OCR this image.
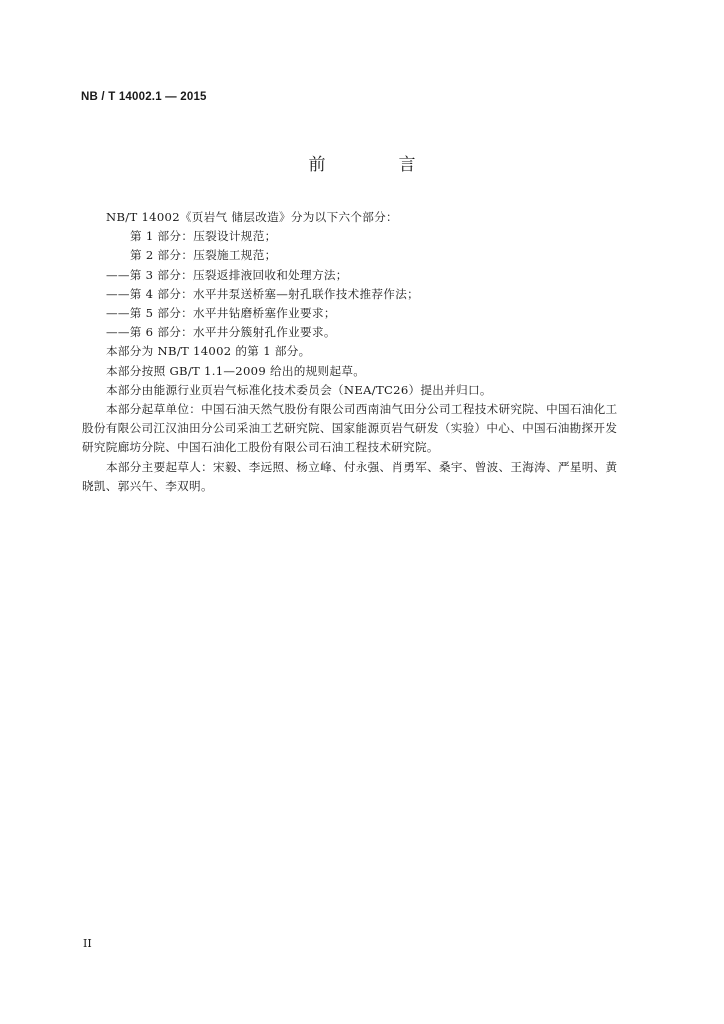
NB / T 14002.1 — 2015
前　言
NB/T 14002《页岩气 储层改造》分为以下六个部分：
第 1 部分：压裂设计规范；
第 2 部分：压裂施工规范；
——第 3 部分：压裂返排液回收和处理方法；
——第 4 部分：水平井泵送桥塞—射孔联作技术推荐作法；
——第 5 部分：水平井钻磨桥塞作业要求；
——第 6 部分：水平井分簇射孔作业要求。
本部分为 NB/T 14002 的第 1 部分。
本部分按照 GB/T 1.1—2009 给出的规则起草。
本部分由能源行业页岩气标准化技术委员会（NEA/TC26）提出并归口。
本部分起草单位：中国石油天然气股份有限公司西南油气田分公司工程技术研究院、中国石油化工
股份有限公司江汉油田分公司采油工艺研究院、国家能源页岩气研发（实验）中心、中国石油勘探开发
研究院廊坊分院、中国石油化工股份有限公司石油工程技术研究院。
本部分主要起草人：宋毅、李远照、杨立峰、付永强、肖勇军、桑宇、曾波、王海涛、严星明、黄
晓凯、郭兴午、李双明。
II
